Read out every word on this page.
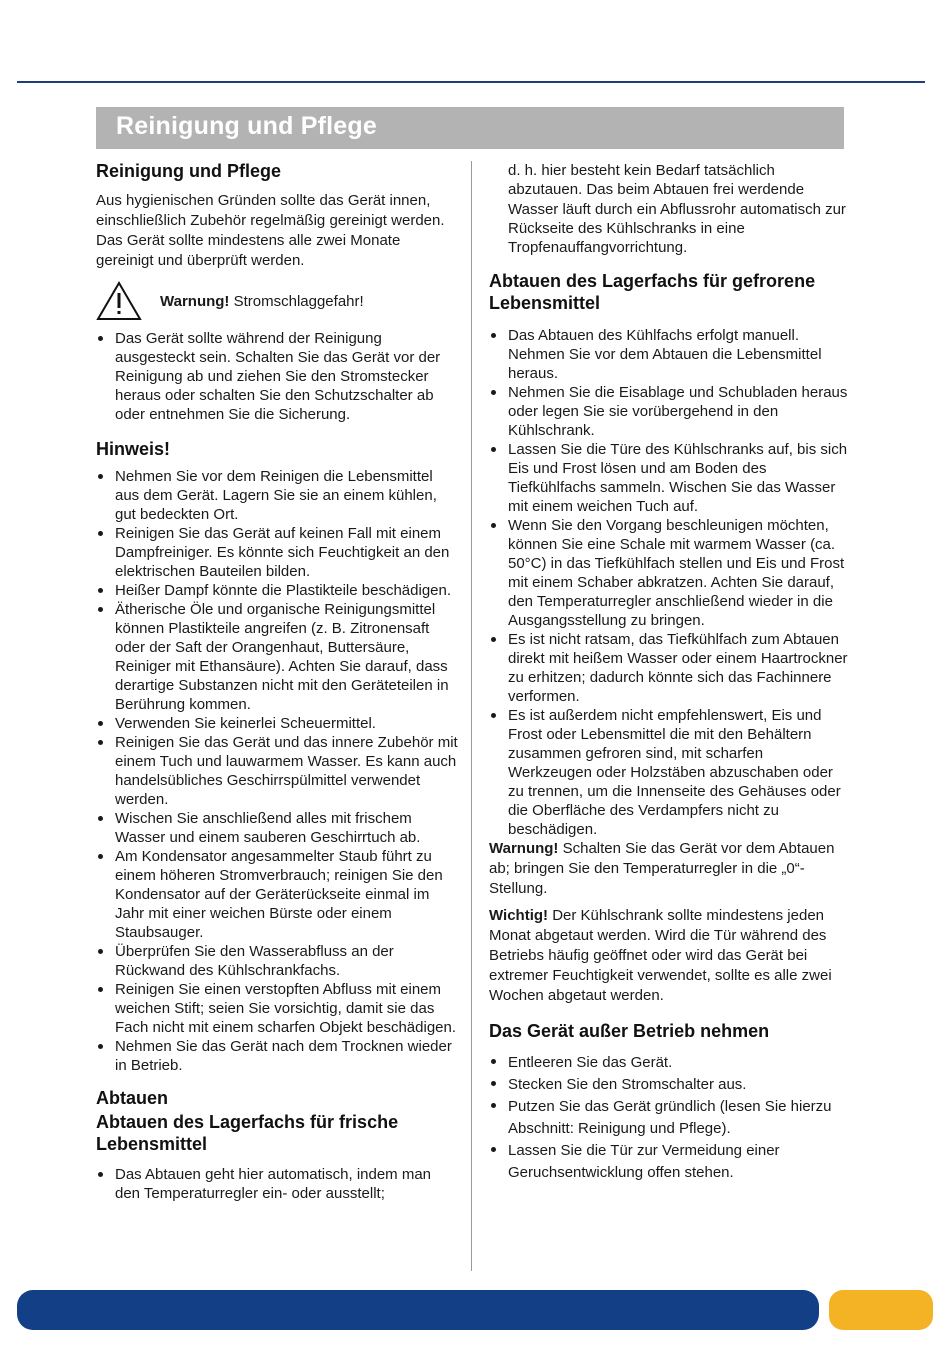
Reinigung und Pflege
Reinigung und Pflege

Aus hygienischen Gründen sollte das Gerät innen, einschließlich Zubehör regelmäßig gereinigt werden. Das Gerät sollte mindestens alle zwei Monate gereinigt und überprüft werden.

Warnung! Stromschlaggefahr!
Das Gerät sollte während der Reinigung ausgesteckt sein. Schalten Sie das Gerät vor der Reinigung ab und ziehen Sie den Stromstecker heraus oder schalten Sie den Schutzschalter ab oder entnehmen Sie die Sicherung.
Hinweis!
Nehmen Sie vor dem Reinigen die Lebensmittel aus dem Gerät. Lagern Sie sie an einem kühlen, gut bedeckten Ort.
Reinigen Sie das Gerät auf keinen Fall mit einem Dampfreiniger. Es könnte sich Feuchtigkeit an den elektrischen Bauteilen bilden.
Heißer Dampf könnte die Plastikteile beschädigen.
Ätherische Öle und organische Reinigungsmittel können Plastikteile angreifen (z. B. Zitronensaft oder der Saft der Orangenhaut, Buttersäure, Reiniger mit Ethansäure). Achten Sie darauf, dass derartige Substanzen nicht mit den Geräteteilen in Berührung kommen.
Verwenden Sie keinerlei Scheuermittel.
Reinigen Sie das Gerät und das innere Zubehör mit einem Tuch und lauwarmem Wasser. Es kann auch handelsübliches Geschirrspülmittel verwendet werden.
Wischen Sie anschließend alles mit frischem Wasser und einem sauberen Geschirrtuch ab.
Am Kondensator angesammelter Staub führt zu einem höheren Stromverbrauch; reinigen Sie den Kondensator auf der Geräterückseite einmal im Jahr mit einer weichen Bürste oder einem Staubsauger.
Überprüfen Sie den Wasserabfluss an der Rückwand des Kühlschrankfachs.
Reinigen Sie einen verstopften Abfluss mit einem weichen Stift; seien Sie vorsichtig, damit sie das Fach nicht mit einem scharfen Objekt beschädigen.
Nehmen Sie das Gerät nach dem Trocknen wieder in Betrieb.
Abtauen
Abtauen des Lagerfachs für frische Lebensmittel
Das Abtauen geht hier automatisch, indem man den Temperaturregler ein- oder ausstellt;

d. h. hier besteht kein Bedarf tatsächlich abzutauen. Das beim Abtauen frei werdende Wasser läuft durch ein Abflussrohr automatisch zur Rückseite des Kühlschranks in eine Tropfenauffangvorrichtung.

Abtauen des Lagerfachs für gefrorene Lebensmittel
Das Abtauen des Kühlfachs erfolgt manuell. Nehmen Sie vor dem Abtauen die Lebensmittel heraus.
Nehmen Sie die Eisablage und Schubladen heraus oder legen Sie sie vorübergehend in den Kühlschrank.
Lassen Sie die Türe des Kühlschranks auf, bis sich Eis und Frost lösen und am Boden des Tiefkühlfachs sammeln. Wischen Sie das Wasser mit einem weichen Tuch auf.
Wenn Sie den Vorgang beschleunigen möchten, können Sie eine Schale mit warmem Wasser (ca. 50°C) in das Tiefkühlfach stellen und Eis und Frost mit einem Schaber abkratzen. Achten Sie darauf, den Temperaturregler anschließend wieder in die Ausgangsstellung zu bringen.
Es ist nicht ratsam, das Tiefkühlfach zum Abtauen direkt mit heißem Wasser oder einem Haartrockner zu erhitzen; dadurch könnte sich das Fachinnere verformen.
Es ist außerdem nicht empfehlenswert, Eis und Frost oder Lebensmittel die mit den Behältern zusammen gefroren sind, mit scharfen Werkzeugen oder Holzstäben abzuschaben oder zu trennen, um die Innenseite des Gehäuses oder die Oberfläche des Verdampfers nicht zu beschädigen.

Warnung! Schalten Sie das Gerät vor dem Abtauen ab; bringen Sie den Temperaturregler in die „0“-Stellung.

Wichtig! Der Kühlschrank sollte mindestens jeden Monat abgetaut werden. Wird die Tür während des Betriebs häufig geöffnet oder wird das Gerät bei extremer Feuchtigkeit verwendet, sollte es alle zwei Wochen abgetaut werden.

Das Gerät außer Betrieb nehmen
Entleeren Sie das Gerät.
Stecken Sie den Stromschalter aus.
Putzen Sie das Gerät gründlich (lesen Sie hierzu Abschnitt: Reinigung und Pflege).
Lassen Sie die Tür zur Vermeidung einer Geruchsentwicklung offen stehen.
